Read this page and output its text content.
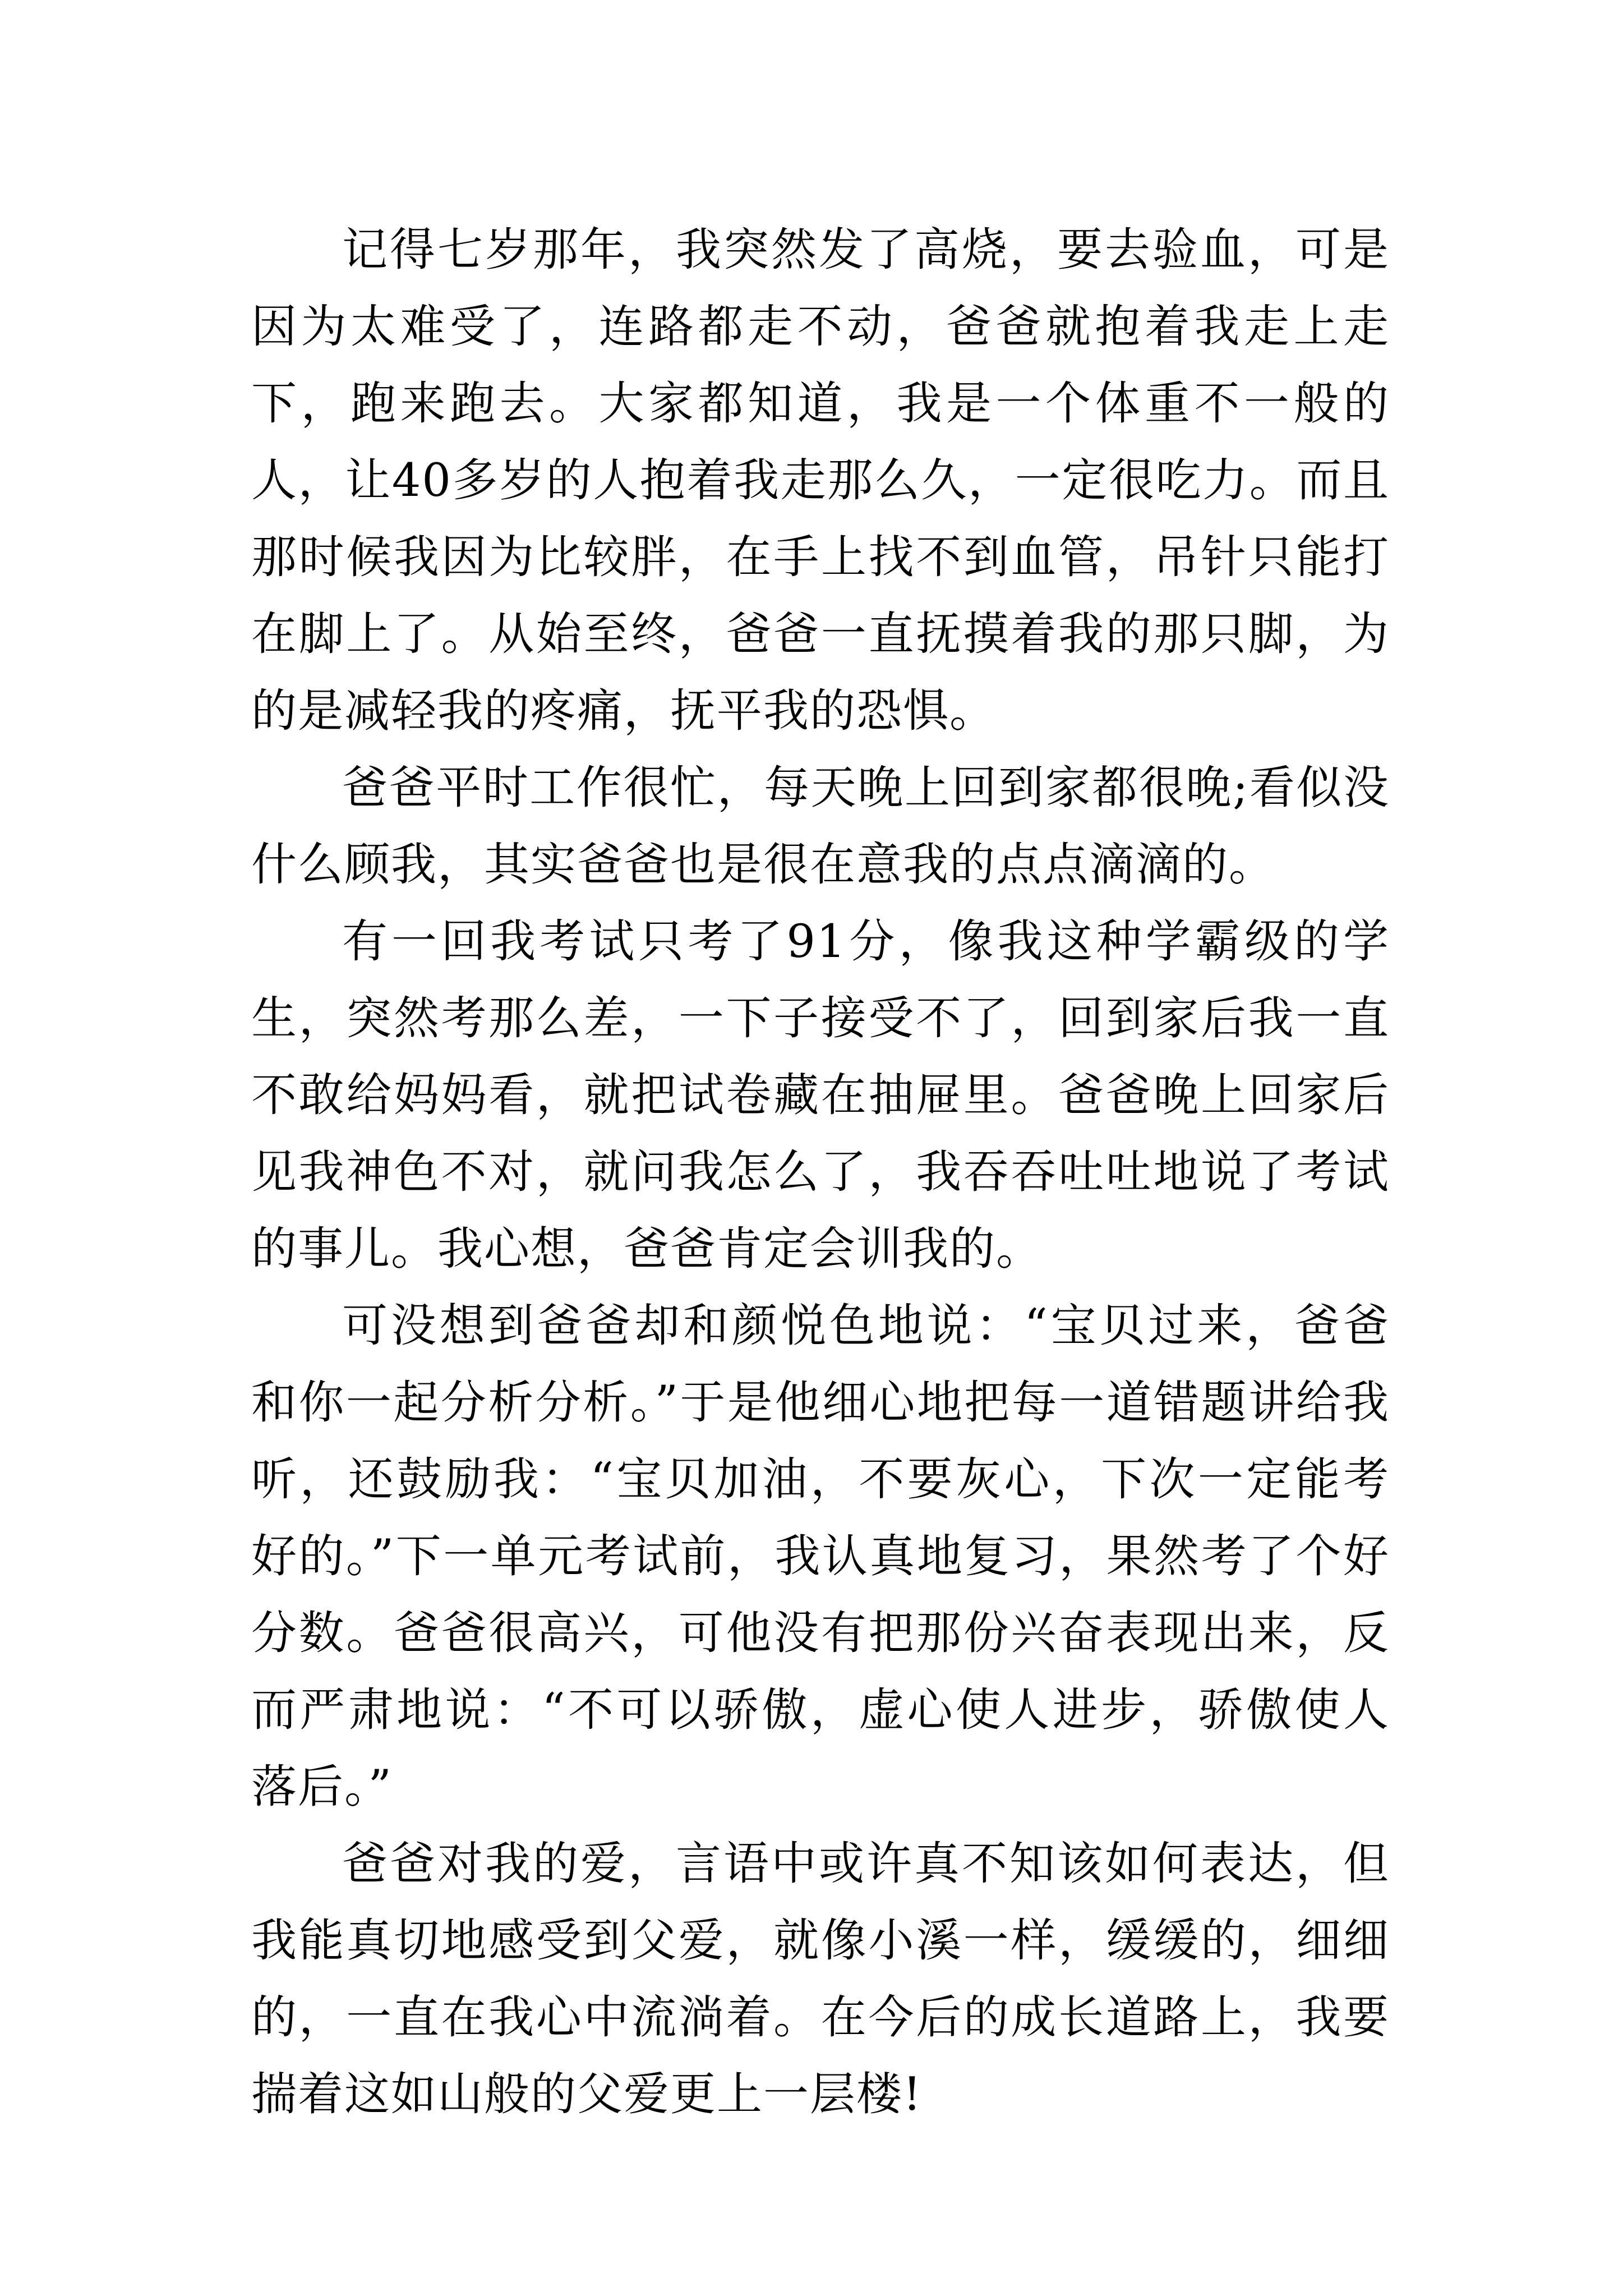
记得七岁那年，我突然发了高烧，要去验血，可是因为太难受了，连路都走不动，爸爸就抱着我走上走下，跑来跑去。大家都知道，我是一个体重不一般的人，让40多岁的人抱着我走那么久，一定很吃力。而且那时候我因为比较胖，在手上找不到血管，吊针只能打在脚上了。从始至终，爸爸一直抚摸着我的那只脚，为的是减轻我的疼痛，抚平我的恐惧。

爸爸平时工作很忙，每天晚上回到家都很晚;看似没什么顾我，其实爸爸也是很在意我的点点滴滴的。

有一回我考试只考了91分，像我这种学霸级的学生，突然考那么差，一下子接受不了，回到家后我一直不敢给妈妈看，就把试卷藏在抽屉里。爸爸晚上回家后见我神色不对，就问我怎么了，我吞吞吐吐地说了考试的事儿。我心想，爸爸肯定会训我的。

可没想到爸爸却和颜悦色地说：“宝贝过来，爸爸和你一起分析分析。”于是他细心地把每一道错题讲给我听，还鼓励我：“宝贝加油，不要灰心，下次一定能考好的。”下一单元考试前，我认真地复习，果然考了个好分数。爸爸很高兴，可他没有把那份兴奋表现出来，反而严肃地说：“不可以骄傲，虚心使人进步，骄傲使人落后。”

爸爸对我的爱，言语中或许真不知该如何表达，但我能真切地感受到父爱，就像小溪一样，缓缓的，细细的，一直在我心中流淌着。在今后的成长道路上，我要揣着这如山般的父爱更上一层楼!
